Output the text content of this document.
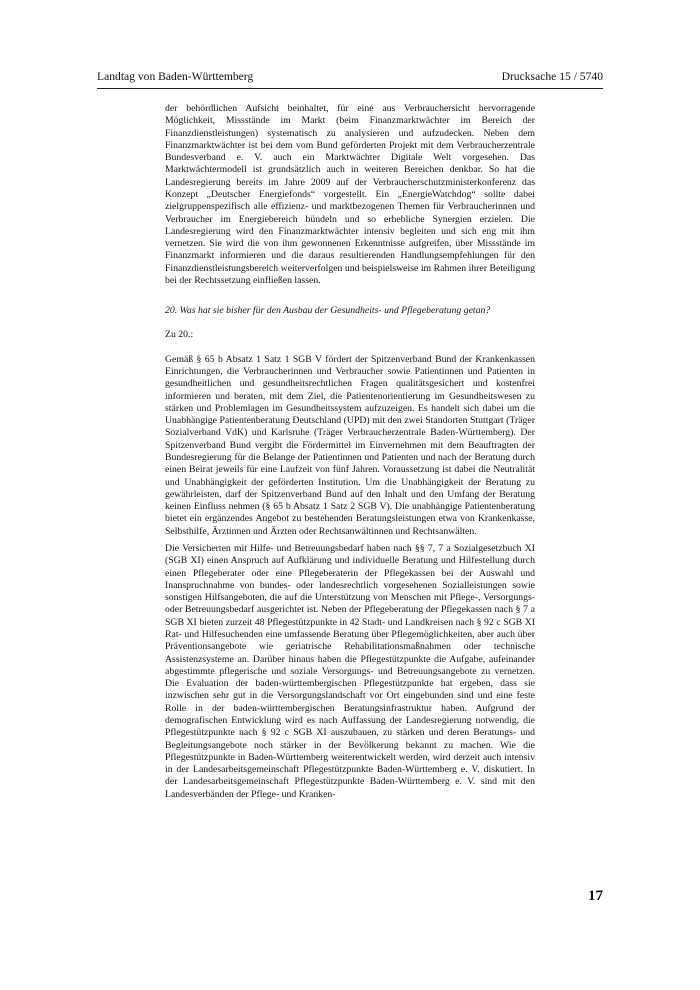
Landtag von Baden-Württemberg	Drucksache 15 / 5740

der behördlichen Aufsicht beinhaltet, für eine aus Verbrauchersicht hervorragende Möglichkeit, Missstände im Markt (beim Finanzmarktwächter im Bereich der Finanzdienstleistungen) systematisch zu analysieren und aufzudecken. Neben dem Finanzmarktwächter ist bei dem vom Bund geförderten Projekt mit dem Verbraucherzentrale Bundesverband e. V. auch ein Marktwächter Digitale Welt vorgesehen. Das Marktwächtermodell ist grundsätzlich auch in weiteren Bereichen denkbar. So hat die Landesregierung bereits im Jahre 2009 auf der Verbraucherschutzministerkonferenz das Konzept „Deutscher Energiefonds“ vorgestellt. Ein „EnergieWatchdog“ sollte dabei zielgruppenspezifisch alle effizienz- und marktbezogenen Themen für Verbraucherinnen und Verbraucher im Energiebereich bündeln und so erhebliche Synergien erzielen. Die Landesregierung wird den Finanzmarktwächter intensiv begleiten und sich eng mit ihm vernetzen. Sie wird die von ihm gewonnenen Erkenntnisse aufgreifen, über Missstände im Finanzmarkt informieren und die daraus resultierenden Handlungsempfehlungen für den Finanzdienstleistungsbereich weiterverfolgen und beispielsweise im Rahmen ihrer Beteiligung bei der Rechtssetzung einfließen lassen.

20. Was hat sie bisher für den Ausbau der Gesundheits- und Pflegeberatung getan?

Zu 20.:

Gemäß § 65 b Absatz 1 Satz 1 SGB V fördert der Spitzenverband Bund der Krankenkassen Einrichtungen, die Verbraucherinnen und Verbraucher sowie Patientinnen und Patienten in gesundheitlichen und gesundheitsrechtlichen Fragen qualitätsgesichert und kostenfrei informieren und beraten, mit dem Ziel, die Patientenorientierung im Gesundheitswesen zu stärken und Problemlagen im Gesundheitssystem aufzuzeigen. Es handelt sich dabei um die Unabhängige Patientenberatung Deutschland (UPD) mit den zwei Standorten Stuttgart (Träger Sozialverband VdK) und Karlsruhe (Träger Verbraucherzentrale Baden-Württemberg). Der Spitzenverband Bund vergibt die Fördermittel im Einvernehmen mit dem Beauftragten der Bundesregierung für die Belange der Patientinnen und Patienten und nach der Beratung durch einen Beirat jeweils für eine Laufzeit von fünf Jahren. Voraussetzung ist dabei die Neutralität und Unabhängigkeit der geförderten Institution. Um die Unabhängigkeit der Beratung zu gewährleisten, darf der Spitzenverband Bund auf den Inhalt und den Umfang der Beratung keinen Einfluss nehmen (§ 65 b Absatz 1 Satz 2 SGB V). Die unabhängige Patientenberatung bietet ein ergänzendes Angebot zu bestehenden Beratungsleistungen etwa von Krankenkasse, Selbsthilfe, Ärztinnen und Ärzten oder Rechtsanwältinnen und Rechtsanwälten.

Die Versicherten mit Hilfe- und Betreuungsbedarf haben nach §§ 7, 7 a Sozialgesetzbuch XI (SGB XI) einen Anspruch auf Aufklärung und individuelle Beratung und Hilfestellung durch einen Pflegeberater oder eine Pflegeberaterin der Pflegekassen bei der Auswahl und Inanspruchnahme von bundes- oder landesrechtlich vorgesehenen Sozialleistungen sowie sonstigen Hilfsangeboten, die auf die Unterstützung von Menschen mit Pflege-, Versorgungs- oder Betreuungsbedarf ausgerichtet ist. Neben der Pflegeberatung der Pflegekassen nach § 7 a SGB XI bieten zurzeit 48 Pflegestützpunkte in 42 Stadt- und Landkreisen nach § 92 c SGB XI Rat- und Hilfesuchenden eine umfassende Beratung über Pflegemöglichkeiten, aber auch über Präventionsangebote wie geriatrische Rehabilitationsmaßnahmen oder technische Assistenzsysteme an. Darüber hinaus haben die Pflegestützpunkte die Aufgabe, aufeinander abgestimmte pflegerische und soziale Versorgungs- und Betreuungsangebote zu vernetzen. Die Evaluation der baden-württembergischen Pflegestützpunkte hat ergeben, dass sie inzwischen sehr gut in die Versorgungslandschaft vor Ort eingebunden sind und eine feste Rolle in der baden-württembergischen Beratungsinfrastruktur haben. Aufgrund der demografischen Entwicklung wird es nach Auffassung der Landesregierung notwendig, die Pflegestützpunkte nach § 92 c SGB XI auszubauen, zu stärken und deren Beratungs- und Begleitungsangebote noch stärker in der Bevölkerung bekannt zu machen. Wie die Pflegestützpunkte in Baden-Württemberg weiterentwickelt werden, wird derzeit auch intensiv in der Landesarbeitsgemeinschaft Pflegestützpunkte Baden-Württemberg e. V. diskutiert. In der Landesarbeitsgemeinschaft Pflegestützpunkte Baden-Württemberg e. V. sind mit den Landesverbänden der Pflege- und Kranken-

17
